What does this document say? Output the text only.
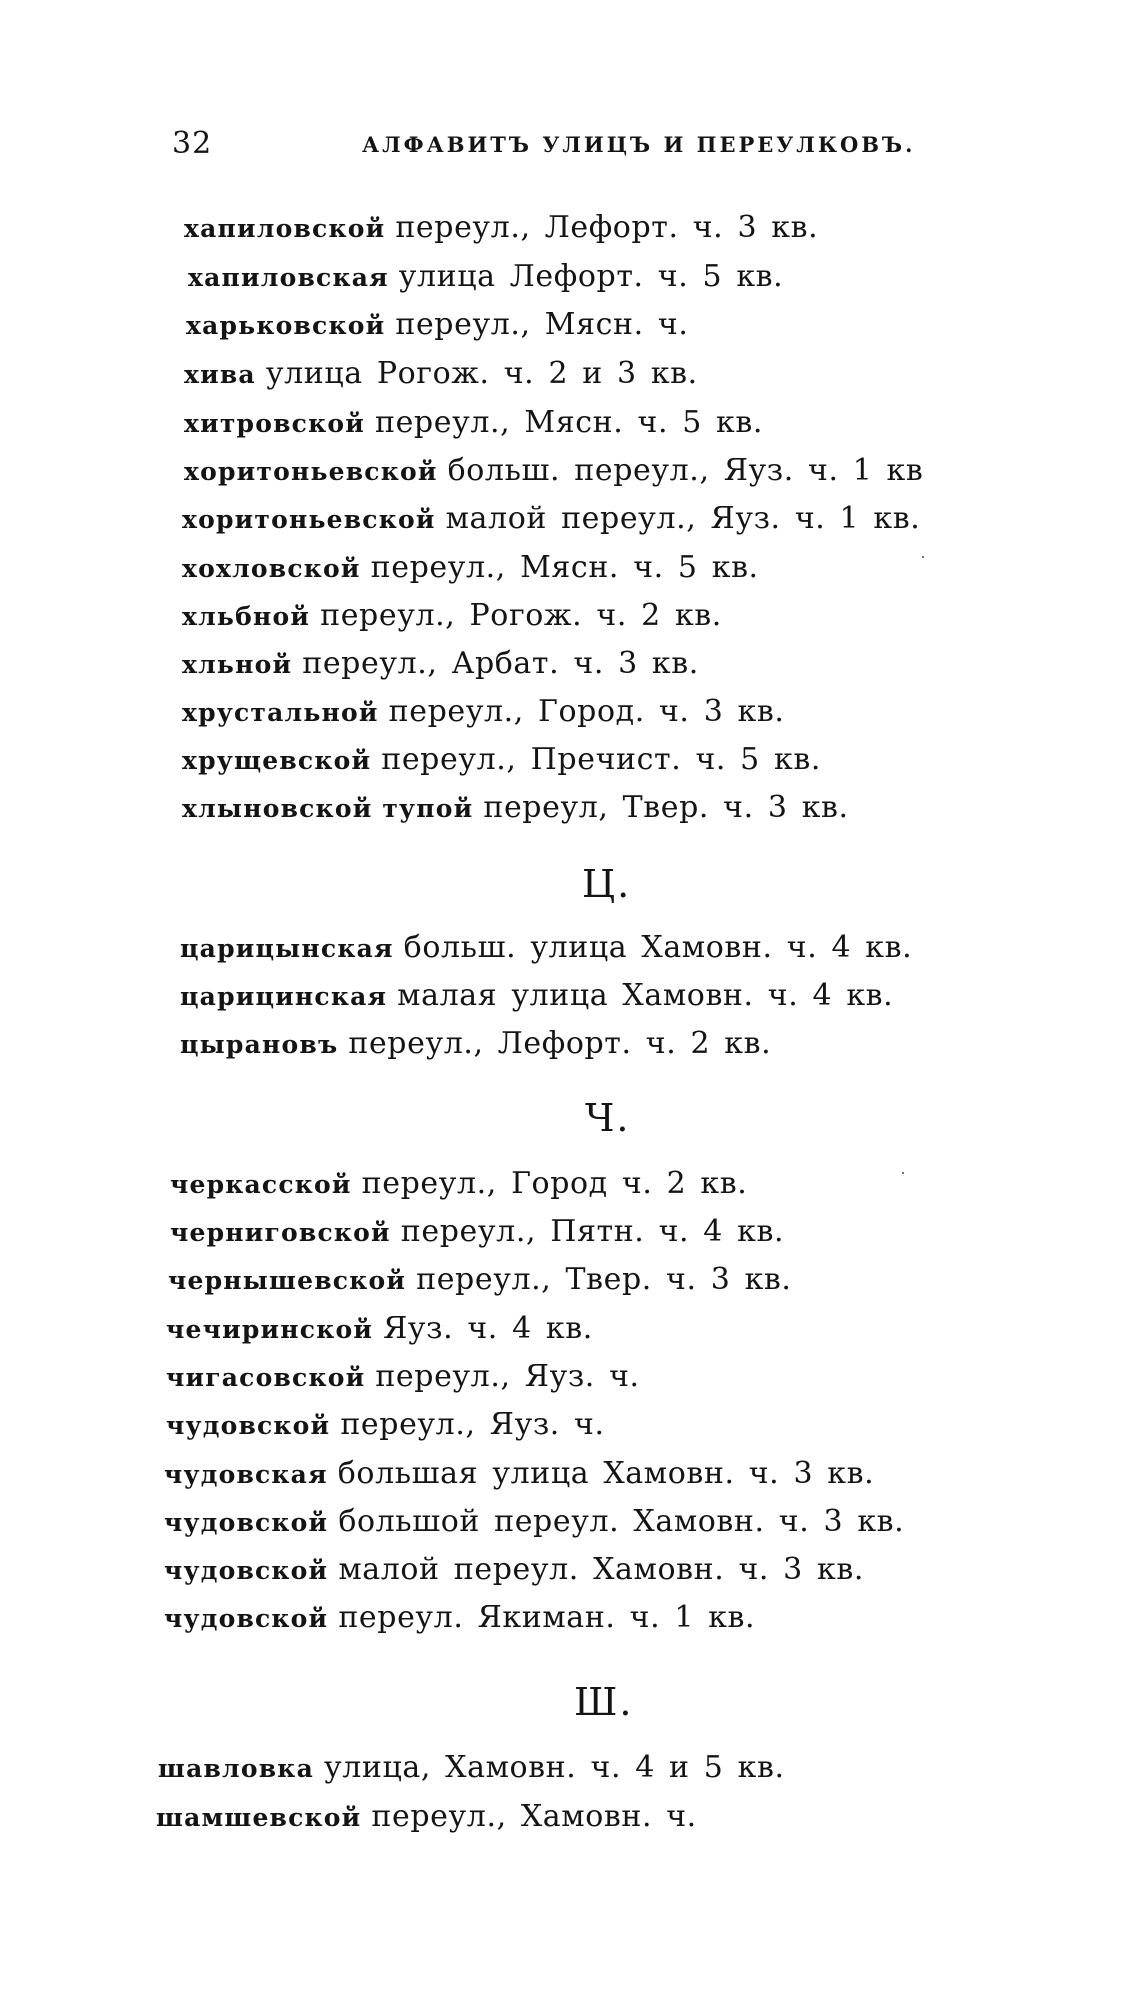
32	АЛФАВИТЪ УЛИЦЪ И ПЕРЕУЛКОВЪ.
хапиловской переул., Лефорт. ч. 3 кв.
хапиловская улица Лефорт. ч. 5 кв.
харьковской переул., Мясн. ч.
хива улица Рогож. ч. 2 и 3 кв.
хитровской переул., Мясн. ч. 5 кв.
хоритоньевской больш. переул., Яуз. ч. 1 кв
хоритоньевской малой переул., Яуз. ч. 1 кв.
хохловской переул., Мясн. ч. 5 кв.
хльбной переул., Рогож. ч. 2 кв.
хльной переул., Арбат. ч. 3 кв.
хрустальной переул., Город. ч. 3 кв.
хрущевской переул., Пречист. ч. 5 кв.
хлыновской тупой переул, Твер. ч. 3 кв.
Ц.
царицынская больш. улица Хамовн. ч. 4 кв.
царицинская малая улица Хамовн. ч. 4 кв.
цырановъ переул., Лефорт. ч. 2 кв.
Ч.
черкасской переул., Город ч. 2 кв.
черниговской переул., Пятн. ч. 4 кв.
чернышевской переул., Твер. ч. 3 кв.
чечиринской Яуз. ч. 4 кв.
чигасовской переул., Яуз. ч.
чудовской переул., Яуз. ч.
чудовская большая улица Хамовн. ч. 3 кв.
чудовской большой переул. Хамовн. ч. 3 кв.
чудовской малой переул. Хамовн. ч. 3 кв.
чудовской переул. Якиман. ч. 1 кв.
Ш.
шавловка улица, Хамовн. ч. 4 и 5 кв.
шамшевской переул., Хамовн. ч.
